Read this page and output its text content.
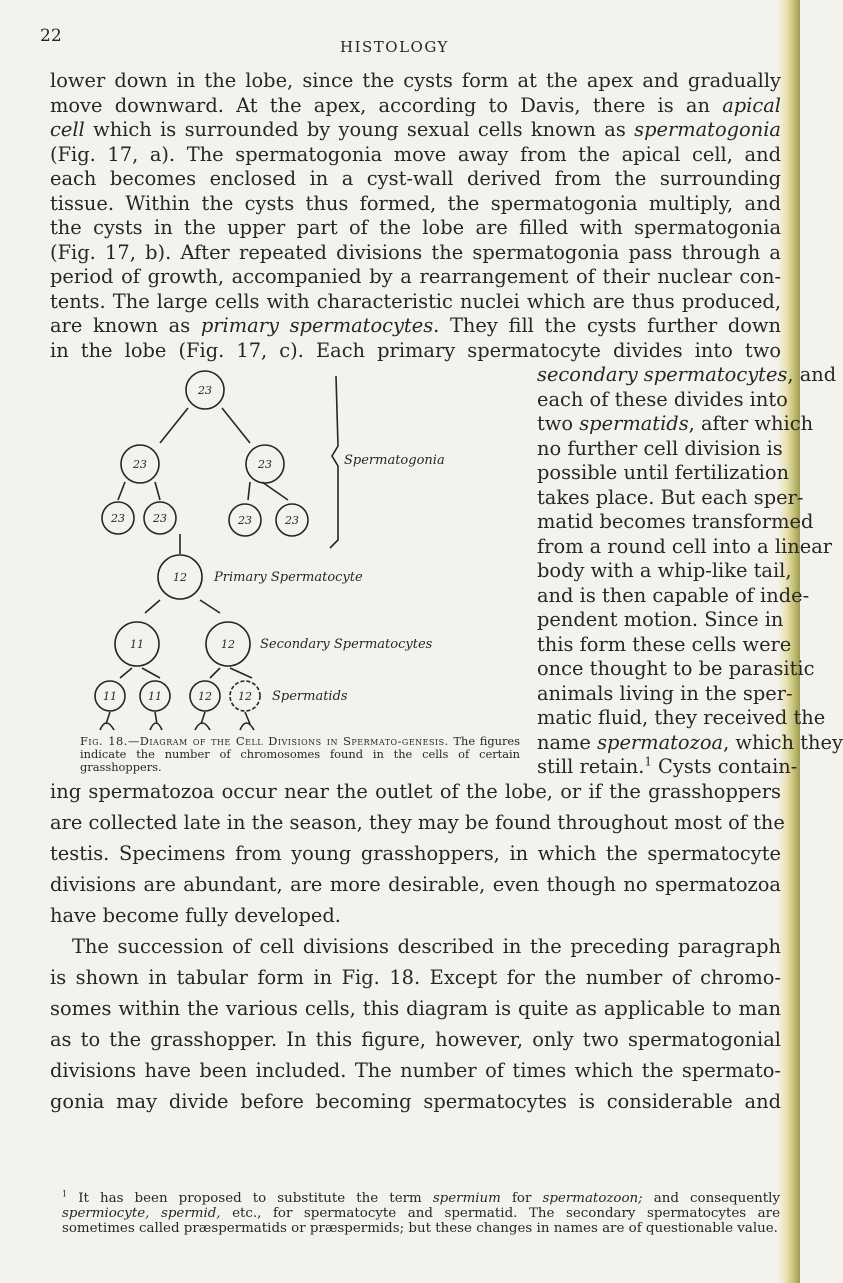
22
HISTOLOGY
lower down in the lobe, since the cysts form at the apex and gradually
move downward. At the apex, according to Davis, there is an apical
cell which is surrounded by young sexual cells known as spermatogonia
(Fig. 17, a). The spermatogonia move away from the apical cell, and
each becomes enclosed in a cyst-wall derived from the surrounding
tissue. Within the cysts thus formed, the spermatogonia multiply, and
the cysts in the upper part of the lobe are filled with spermatogonia
(Fig. 17, b). After repeated divisions the spermatogonia pass through a
period of growth, accompanied by a rearrangement of their nuclear con-
tents. The large cells with characteristic nuclei which are thus produced,
are known as primary spermatocytes. They fill the cysts further down
in the lobe (Fig. 17, c). Each primary spermatocyte divides into two
secondary spermatocytes, and
each of these divides into
two spermatids, after which
no further cell division is
possible until fertilization
takes place. But each sper-
matid becomes transformed
from a round cell into a linear
body with a whip-like tail,
and is then capable of inde-
pendent motion. Since in
this form these cells were
once thought to be parasitic
animals living in the sper-
matic fluid, they received the
name spermatozoa, which they
still retain.$^1$ Cysts contain-
23
23	23
23	23	23	23
12
11	12
11	11	12 12
Spermatogonia
Primary Spermatocyte
Secondary Spermatocytes
Spermatids
Fig. 18.—Diagram of the Cell Divisions in Spermato-genesis. The figures indicate the number of chromosomes found in the cells of certain grasshoppers.
ing spermatozoa occur near the outlet of the lobe, or if the grasshoppers
are collected late in the season, they may be found throughout most of the
testis. Specimens from young grasshoppers, in which the spermatocyte
divisions are abundant, are more desirable, even though no spermatozoa
have become fully developed.
The succession of cell divisions described in the preceding paragraph
is shown in tabular form in Fig. 18. Except for the number of chromo-
somes within the various cells, this diagram is quite as applicable to man
as to the grasshopper. In this figure, however, only two spermatogonial
divisions have been included. The number of times which the spermato-
gonia may divide before becoming spermatocytes is considerable and
$^1$ It has been proposed to substitute the term spermium for spermatozoon; and consequently spermiocyte, spermid, etc., for spermatocyte and spermatid. The secondary spermatocytes are sometimes called præspermatids or præspermids; but these changes in names are of questionable value.
